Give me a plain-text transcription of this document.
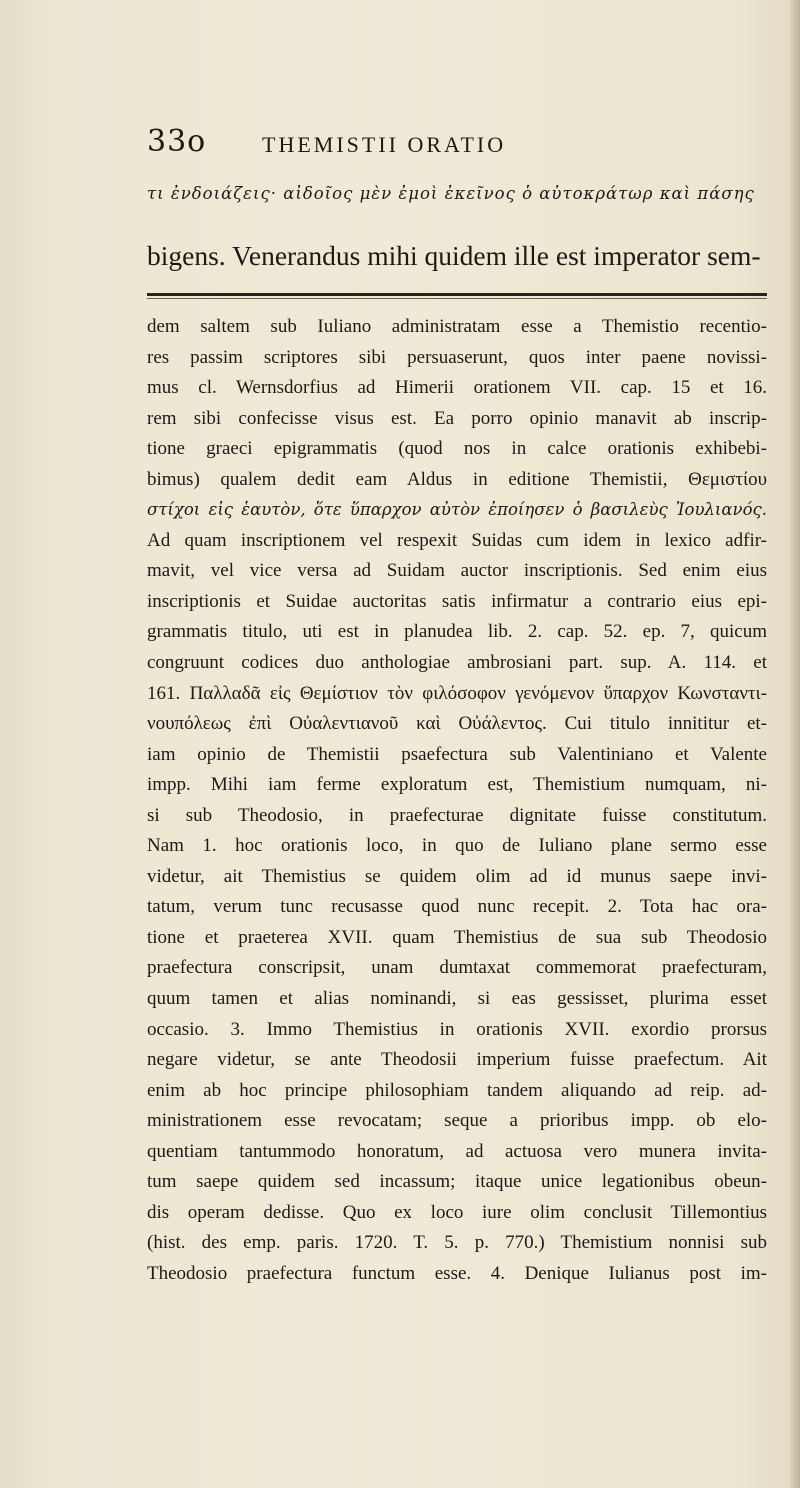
33o	THEMISTII ORATIO
τι ἐνδοιάζεις· αἰδοῖος μὲν ἐμοὶ ἐκεῖνος ὁ αὐτοκράτωρ καὶ πάσης
bigens. Venerandus mihi quidem ille est imperator sem-
dem saltem sub Iuliano administratam esse a Themistio recentio-
res passim scriptores sibi persuaserunt, quos inter paene novissi-
mus cl. Wernsdorfius ad Himerii orationem VII. cap. 15 et 16.
rem sibi confecisse visus est. Ea porro opinio manavit ab inscrip-
tione graeci epigrammatis (quod nos in calce orationis exhibebi-
bimus) qualem dedit eam Aldus in editione Themistii, Θεμιστίου
στίχοι εἰς ἑαυτὸν, ὅτε ὕπαρχον αὐτὸν ἐποίησεν ὁ βασιλεὺς Ἰουλιανός.
Ad quam inscriptionem vel respexit Suidas cum idem in lexico adfir-
mavit, vel vice versa ad Suidam auctor inscriptionis. Sed enim eius
inscriptionis et Suidae auctoritas satis infirmatur a contrario eius epi-
grammatis titulo, uti est in planudea lib. 2. cap. 52. ep. 7, quicum
congruunt codices duo anthologiae ambrosiani part. sup. A. 114. et
161. Παλλαδᾶ εἰς Θεμίστιον τὸν φιλόσοφον γενόμενον ὕπαρχον Κωνσταντι-
νουπόλεως ἐπὶ Οὐαλεντιανοῦ καὶ Οὐάλεντος. Cui titulo innititur et-
iam opinio de Themistii psaefectura sub Valentiniano et Valente
impp. Mihi iam ferme exploratum est, Themistium numquam, ni-
si sub Theodosio, in praefecturae dignitate fuisse constitutum.
Nam 1. hoc orationis loco, in quo de Iuliano plane sermo esse
videtur, ait Themistius se quidem olim ad id munus saepe invi-
tatum, verum tunc recusasse quod nunc recepit. 2. Tota hac ora-
tione et praeterea XVII. quam Themistius de sua sub Theodosio
praefectura conscripsit, unam dumtaxat commemorat praefecturam,
quum tamen et alias nominandi, si eas gessisset, plurima esset
occasio. 3. Immo Themistius in orationis XVII. exordio prorsus
negare videtur, se ante Theodosii imperium fuisse praefectum. Ait
enim ab hoc principe philosophiam tandem aliquando ad reip. ad-
ministrationem esse revocatam; seque a prioribus impp. ob elo-
quentiam tantummodo honoratum, ad actuosa vero munera invita-
tum saepe quidem sed incassum; itaque unice legationibus obeun-
dis operam dedisse. Quo ex loco iure olim conclusit Tillemontius
(hist. des emp. paris. 1720. T. 5. p. 770.) Themistium nonnisi sub
Theodosio praefectura functum esse. 4. Denique Iulianus post im-
